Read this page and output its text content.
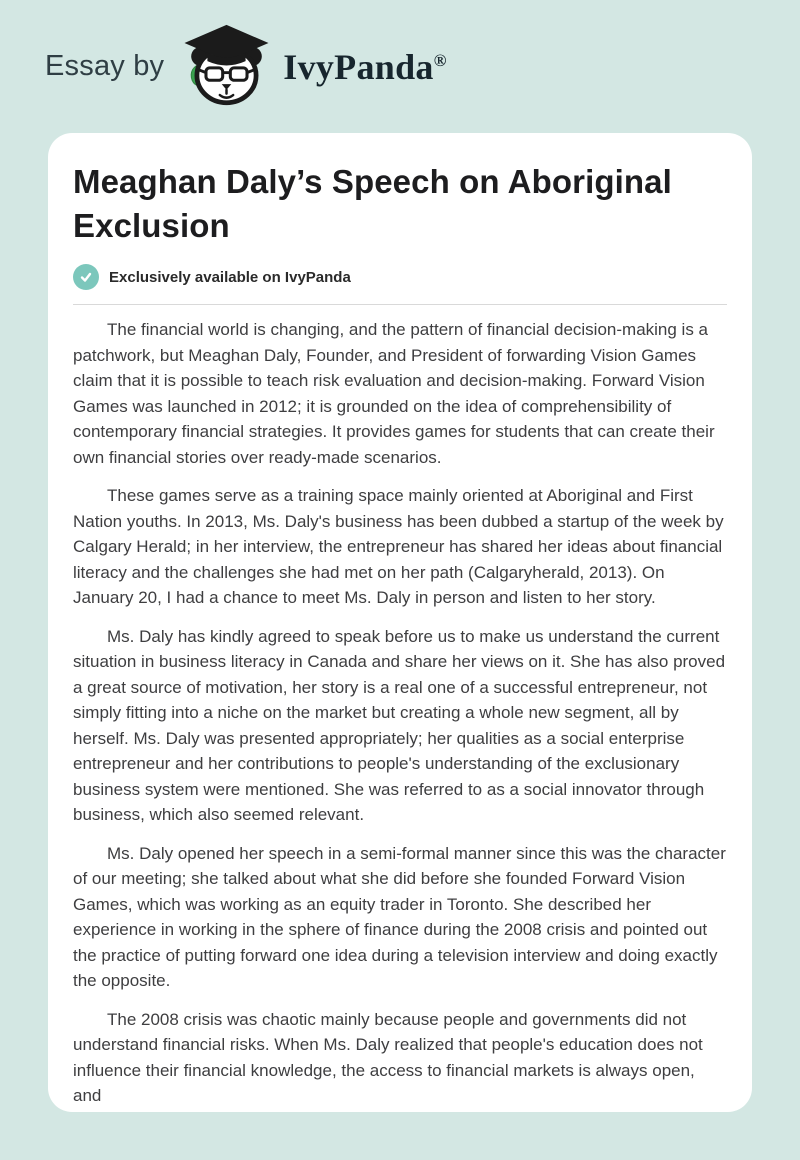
Essay by	IvyPanda®
Meaghan Daly’s Speech on Aboriginal Exclusion
Exclusively available on IvyPanda

The financial world is changing, and the pattern of financial decision-making is a patchwork, but Meaghan Daly, Founder, and President of forwarding Vision Games claim that it is possible to teach risk evaluation and decision-making. Forward Vision Games was launched in 2012; it is grounded on the idea of comprehensibility of contemporary financial strategies. It provides games for students that can create their own financial stories over ready-made scenarios.

These games serve as a training space mainly oriented at Aboriginal and First Nation youths. In 2013, Ms. Daly's business has been dubbed a startup of the week by Calgary Herald; in her interview, the entrepreneur has shared her ideas about financial literacy and the challenges she had met on her path (Calgaryherald, 2013). On January 20, I had a chance to meet Ms. Daly in person and listen to her story.

Ms. Daly has kindly agreed to speak before us to make us understand the current situation in business literacy in Canada and share her views on it. She has also proved a great source of motivation, her story is a real one of a successful entrepreneur, not simply fitting into a niche on the market but creating a whole new segment, all by herself. Ms. Daly was presented appropriately; her qualities as a social enterprise entrepreneur and her contributions to people's understanding of the exclusionary business system were mentioned. She was referred to as a social innovator through business, which also seemed relevant.

Ms. Daly opened her speech in a semi-formal manner since this was the character of our meeting; she talked about what she did before she founded Forward Vision Games, which was working as an equity trader in Toronto. She described her experience in working in the sphere of finance during the 2008 crisis and pointed out the practice of putting forward one idea during a television interview and doing exactly the opposite.

The 2008 crisis was chaotic mainly because people and governments did not understand financial risks. When Ms. Daly realized that people's education does not influence their financial knowledge, the access to financial markets is always open, and
